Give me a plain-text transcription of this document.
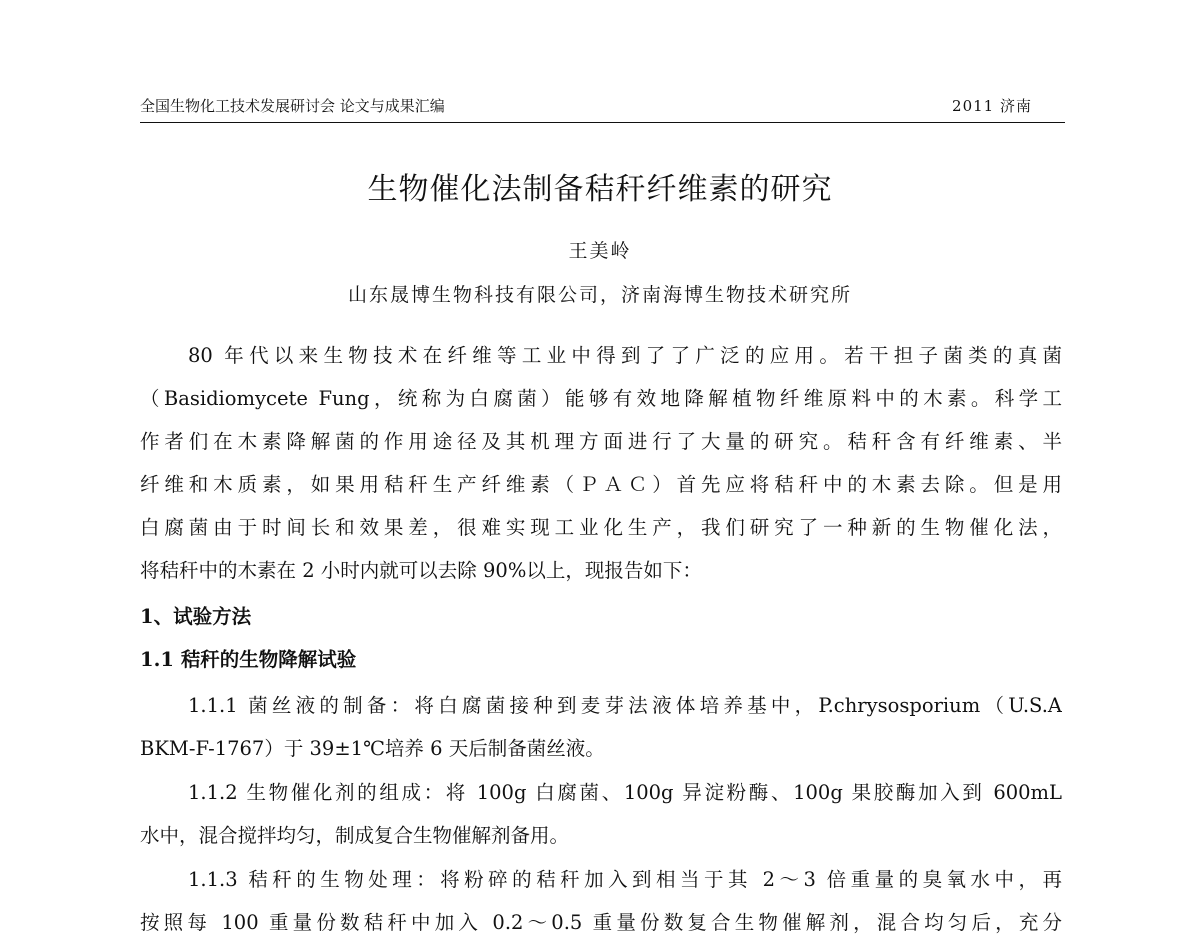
全国生物化工技术发展研讨会 论文与成果汇编	2011 济南
生物催化法制备秸秆纤维素的研究
王美岭
山东晟博生物科技有限公司，济南海博生物技术研究所
80 年代以来生物技术在纤维等工业中得到了了广泛的应用。若干担子菌类的真菌
（Basidiomycete Fung，统称为白腐菌）能够有效地降解植物纤维原料中的木素。科学工
作者们在木素降解菌的作用途径及其机理方面进行了大量的研究。秸秆含有纤维素、半
纤维和木质素，如果用秸秆生产纤维素（ＰＡＣ）首先应将秸秆中的木素去除。但是用
白腐菌由于时间长和效果差，很难实现工业化生产，我们研究了一种新的生物催化法，
将秸秆中的木素在 2 小时内就可以去除 90%以上，现报告如下：
1、试验方法
1.1 秸秆的生物降解试验
1.1.1 菌丝液的制备：将白腐菌接种到麦芽法液体培养基中，P.chrysosporium（U.S.A
BKM-F-1767）于 39±1℃培养 6 天后制备菌丝液。
1.1.2 生物催化剂的组成：将 100g 白腐菌、100g 异淀粉酶、100g 果胶酶加入到 600mL
水中，混合搅拌均匀，制成复合生物催解剂备用。
1.1.3 秸秆的生物处理：将粉碎的秸秆加入到相当于其 2～3 倍重量的臭氧水中，再
按照每 100 重量份数秸秆中加入 0.2～0.5 重量份数复合生物催解剂，混合均匀后，充分
